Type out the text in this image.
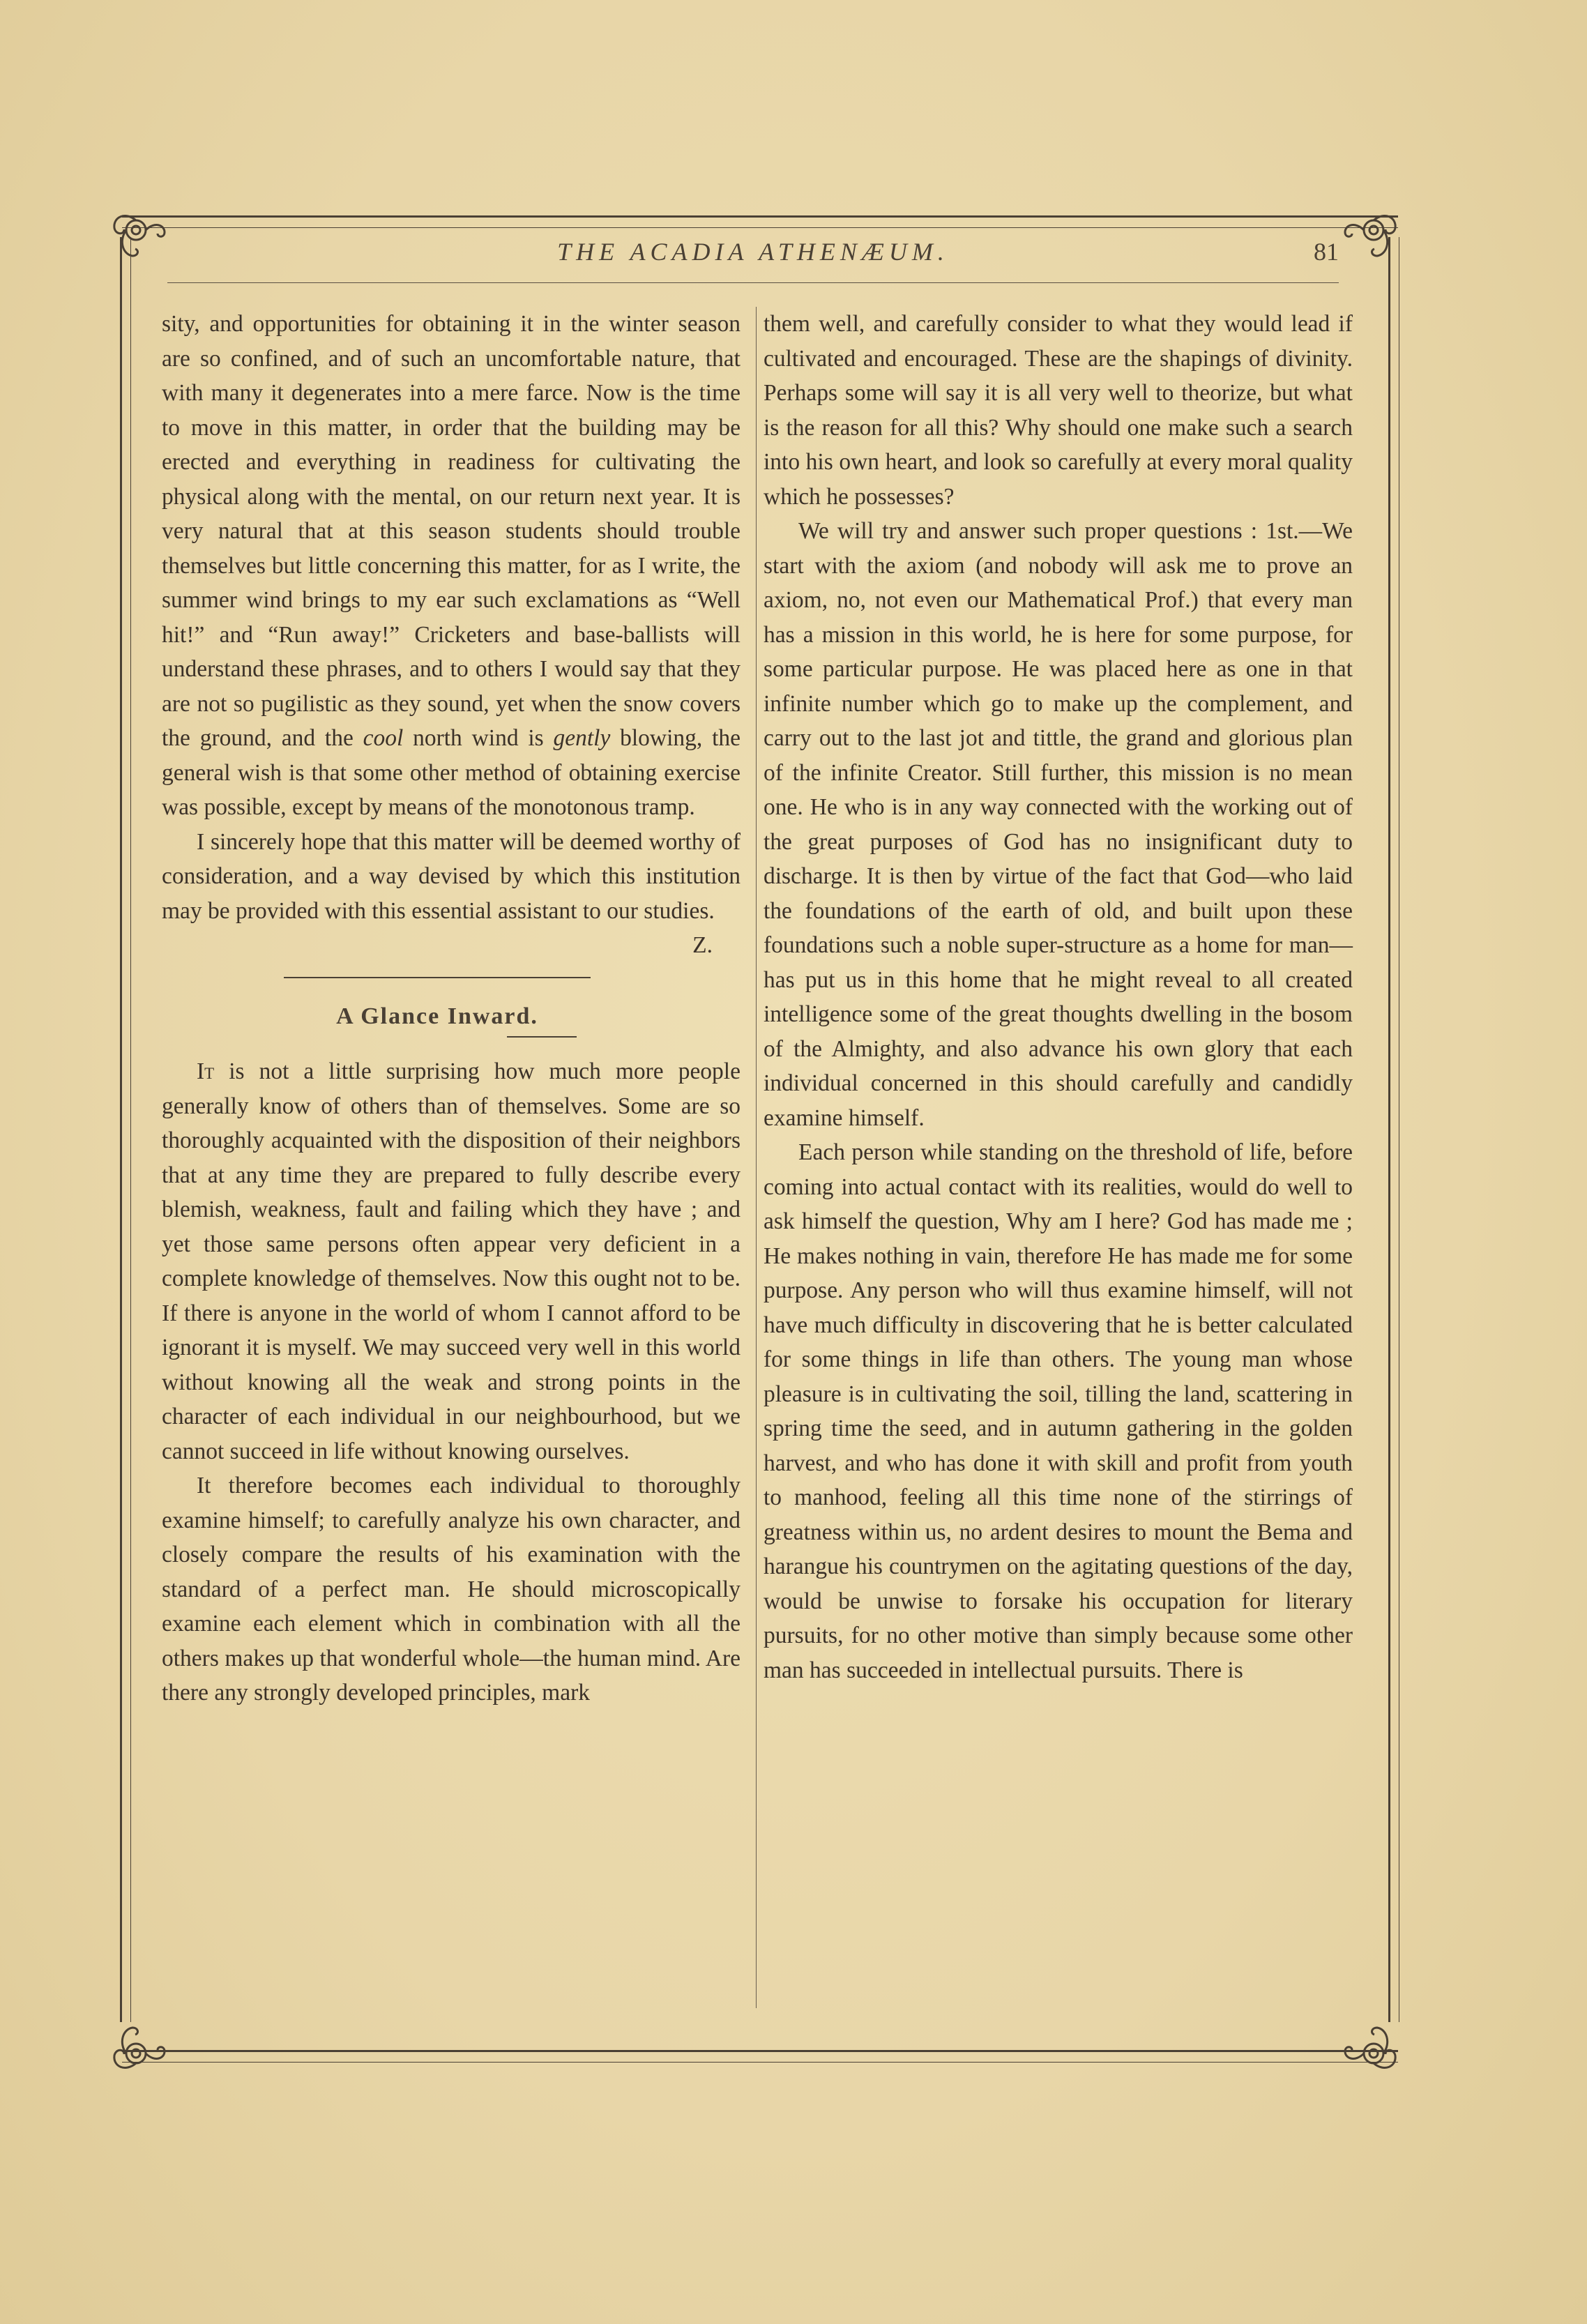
THE ACADIA ATHENÆUM.	81

sity, and opportunities for obtaining it in the winter season are so confined, and of such an uncomfortable nature, that with many it degenerates into a mere farce. Now is the time to move in this matter, in order that the building may be erected and everything in readiness for cultivating the physical along with the mental, on our return next year. It is very natural that at this season students should trouble themselves but little concerning this matter, for as I write, the summer wind brings to my ear such exclamations as “Well hit!” and “Run away!” Cricketers and base-ballists will understand these phrases, and to others I would say that they are not so pugilistic as they sound, yet when the snow covers the ground, and the cool north wind is gently blowing, the general wish is that some other method of obtaining exercise was possible, except by means of the monotonous tramp.

I sincerely hope that this matter will be deemed worthy of consideration, and a way devised by which this institution may be provided with this essential assistant to our studies.

Z.

A Glance Inward.

It is not a little surprising how much more people generally know of others than of themselves. Some are so thoroughly acquainted with the disposition of their neighbors that at any time they are prepared to fully describe every blemish, weakness, fault and failing which they have ; and yet those same persons often appear very deficient in a complete knowledge of themselves. Now this ought not to be. If there is anyone in the world of whom I cannot afford to be ignorant it is myself. We may succeed very well in this world without knowing all the weak and strong points in the character of each individual in our neighbourhood, but we cannot succeed in life without knowing ourselves.

It therefore becomes each individual to thoroughly examine himself; to carefully analyze his own character, and closely compare the results of his examination with the standard of a perfect man. He should microscopically examine each element which in combination with all the others makes up that wonderful whole—the human mind. Are there any strongly developed principles, mark

them well, and carefully consider to what they would lead if cultivated and encouraged. These are the shapings of divinity. Perhaps some will say it is all very well to theorize, but what is the reason for all this? Why should one make such a search into his own heart, and look so carefully at every moral quality which he possesses?

We will try and answer such proper questions : 1st.—We start with the axiom (and nobody will ask me to prove an axiom, no, not even our Mathematical Prof.) that every man has a mission in this world, he is here for some purpose, for some particular purpose. He was placed here as one in that infinite number which go to make up the complement, and carry out to the last jot and tittle, the grand and glorious plan of the infinite Creator. Still further, this mission is no mean one. He who is in any way connected with the working out of the great purposes of God has no insignificant duty to discharge. It is then by virtue of the fact that God—who laid the foundations of the earth of old, and built upon these foundations such a noble super-structure as a home for man—has put us in this home that he might reveal to all created intelligence some of the great thoughts dwelling in the bosom of the Almighty, and also advance his own glory that each individual concerned in this should carefully and candidly examine himself.

Each person while standing on the threshold of life, before coming into actual contact with its realities, would do well to ask himself the question, Why am I here? God has made me ; He makes nothing in vain, therefore He has made me for some purpose. Any person who will thus examine himself, will not have much difficulty in discovering that he is better calculated for some things in life than others. The young man whose pleasure is in cultivating the soil, tilling the land, scattering in spring time the seed, and in autumn gathering in the golden harvest, and who has done it with skill and profit from youth to manhood, feeling all this time none of the stirrings of greatness within us, no ardent desires to mount the Bema and harangue his countrymen on the agitating questions of the day, would be unwise to forsake his occupation for literary pursuits, for no other motive than simply because some other man has succeeded in intellectual pursuits. There is
